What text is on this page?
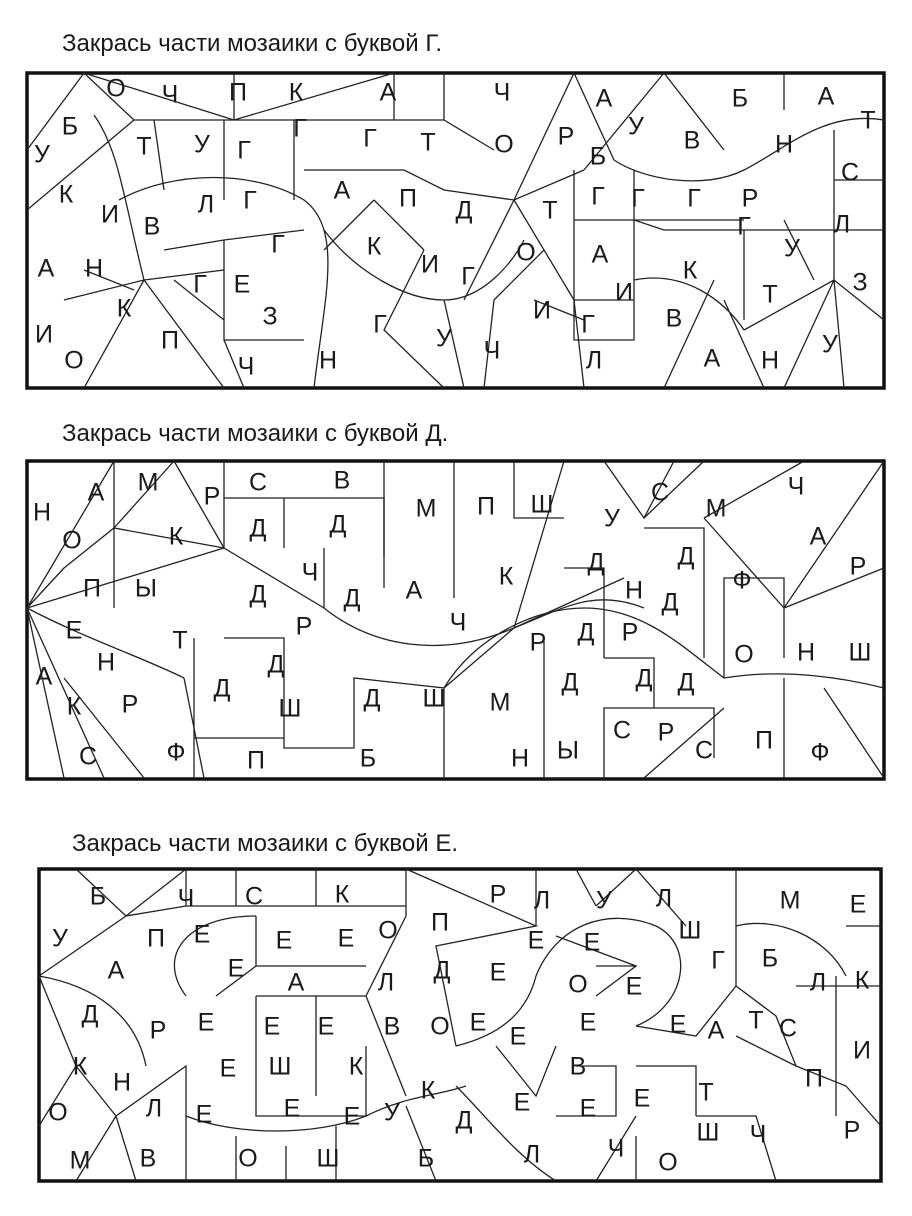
Закрась части мозаики с буквой Г.
О Ч П К	А	Ч	А	Б	А
Т
Б
У	Т У Г
Г Г Т О Р У В	Н
Б
С
К
И В
Л Г	А П Д	Т Г Г Г Р
Л
А Н
Г	К
И Г
О А
К
Г
У
Т	З
И
К
Е
З
Г
Г	И
И
Г	В
О
П
Ч	Н
У Ч	Л	А Н
У
Закрась части мозаики с буквой Д.
Н
А М Р С	В
М П Ш	С
М
Ч
О	К	Д	Д	У
А
Р
П Ы
Ч
Д
Д	А	К	Д	Д
Ф
Р	Ч
Н Д
Е	Т	Р Д Р
О Н Ш
Н	Д
Д
А
К Р
Д
Ш Д Ш М
Д Д
С Р
С	Ф П	Б	Н Ы	С П Ф
Закрась части мозаики с буквой Е.
Б	Ч С	К	Р Л У Л	М Е
У	П Е	Е Е О П
Е Е	Ш
А	Е А	Л Д Е О Е
Г Б
Л К
Д
Р Е Е Е В О Е Е Е	Е А Т С
И
К
Н	Е Ш К	В	П
О	Л Е	Е Е У
К
Д
Е Е Е Т
Ш Ч	Р
М В	О Ш	Б	Л	Ч О
